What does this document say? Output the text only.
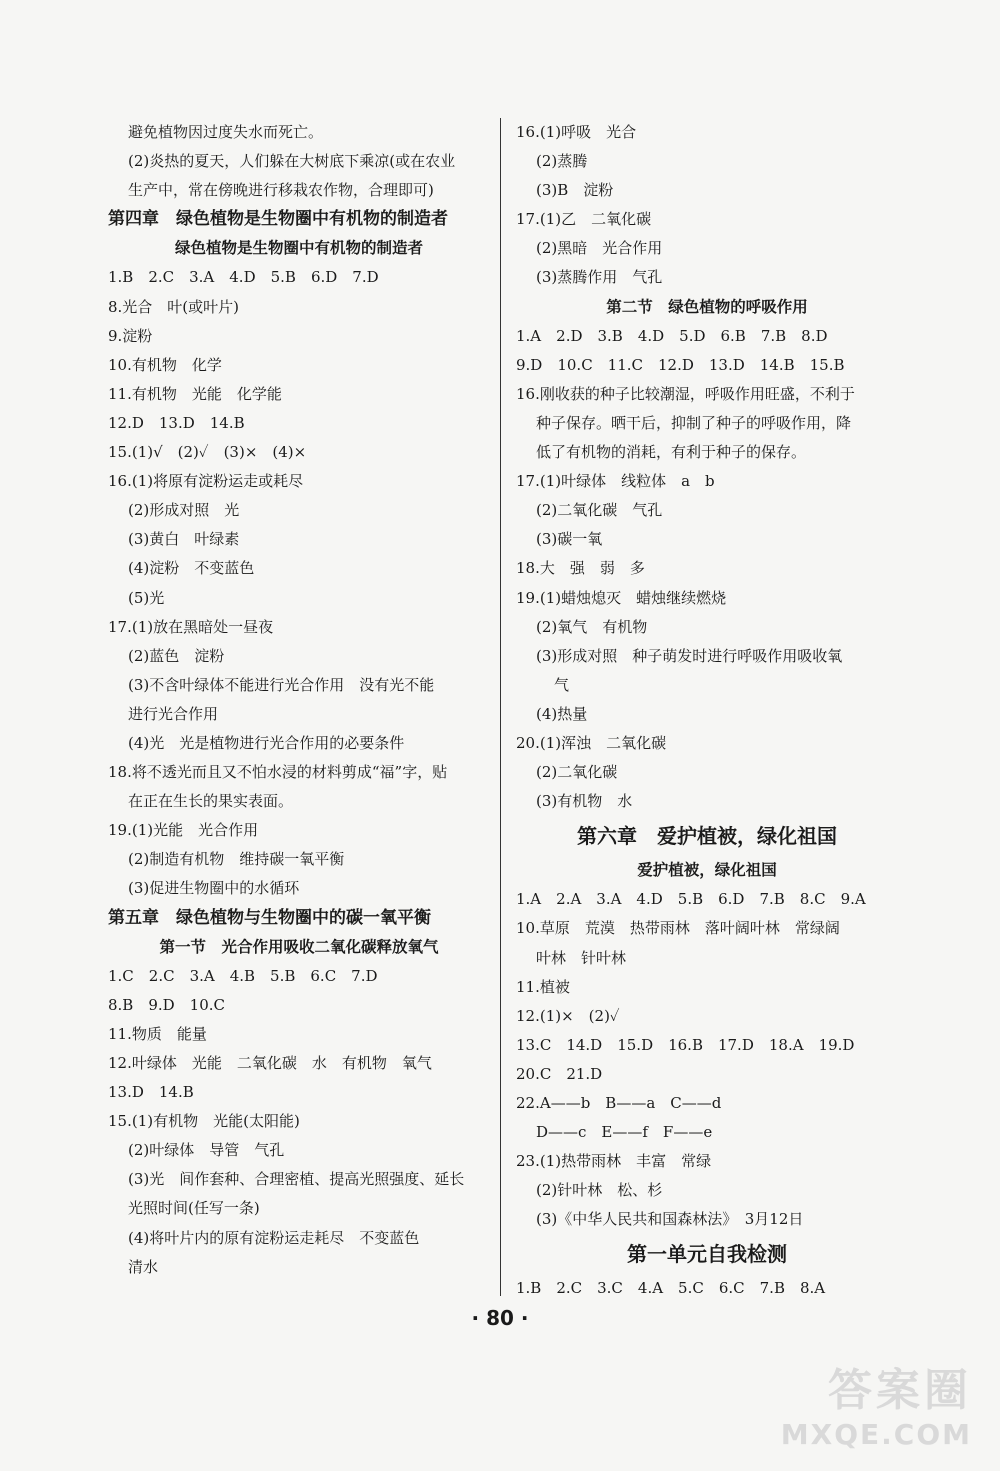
避免植物因过度失水而死亡。
(2)炎热的夏天，人们躲在大树底下乘凉(或在农业
生产中，常在傍晚进行移栽农作物，合理即可)
第四章　绿色植物是生物圈中有机物的制造者
绿色植物是生物圈中有机物的制造者
1.B　2.C　3.A　4.D　5.B　6.D　7.D
8.光合　叶(或叶片)
9.淀粉
10.有机物　化学
11.有机物　光能　化学能
12.D　13.D　14.B
15.(1)√　(2)✓　(3)×　(4)×
16.(1)将原有淀粉运走或耗尽
(2)形成对照　光
(3)黄白　叶绿素
(4)淀粉　不变蓝色
(5)光
17.(1)放在黑暗处一昼夜
(2)蓝色　淀粉
(3)不含叶绿体不能进行光合作用　没有光不能
进行光合作用
(4)光　光是植物进行光合作用的必要条件
18.将不透光而且又不怕水浸的材料剪成“福”字，贴
在正在生长的果实表面。
19.(1)光能　光合作用
(2)制造有机物　维持碳一氧平衡
(3)促进生物圈中的水循环
第五章　绿色植物与生物圈中的碳一氧平衡
第一节　光合作用吸收二氧化碳释放氧气
1.C　2.C　3.A　4.B　5.B　6.C　7.D
8.B　9.D　10.C
11.物质　能量
12.叶绿体　光能　二氧化碳　水　有机物　氧气
13.D　14.B
15.(1)有机物　光能(太阳能)
(2)叶绿体　导管　气孔
(3)光　间作套种、合理密植、提高光照强度、延长
光照时间(任写一条)
(4)将叶片内的原有淀粉运走耗尽　不变蓝色
清水
16.(1)呼吸　光合
(2)蒸腾
(3)B　淀粉
17.(1)乙　二氧化碳
(2)黑暗　光合作用
(3)蒸腾作用　气孔
第二节　绿色植物的呼吸作用
1.A　2.D　3.B　4.D　5.D　6.B　7.B　8.D
9.D　10.C　11.C　12.D　13.D　14.B　15.B
16.刚收获的种子比较潮湿，呼吸作用旺盛，不利于
种子保存。晒干后，抑制了种子的呼吸作用，降
低了有机物的消耗，有利于种子的保存。
17.(1)叶绿体　线粒体　a　b
(2)二氧化碳　气孔
(3)碳一氧
18.大　强　弱　多
19.(1)蜡烛熄灭　蜡烛继续燃烧
(2)氧气　有机物
(3)形成对照　种子萌发时进行呼吸作用吸收氧
气
(4)热量
20.(1)浑浊　二氧化碳
(2)二氧化碳
(3)有机物　水
第六章　爱护植被，绿化祖国
爱护植被，绿化祖国
1.A　2.A　3.A　4.D　5.B　6.D　7.B　8.C　9.A
10.草原　荒漠　热带雨林　落叶阔叶林　常绿阔
叶林　针叶林
11.植被
12.(1)×　(2)✓
13.C　14.D　15.D　16.B　17.D　18.A　19.D
20.C　21.D
22.A——b　B——a　C——d
D——c　E——f　F——e
23.(1)热带雨林　丰富　常绿
(2)针叶林　松、杉
(3)《中华人民共和国森林法》　3月12日
第一单元自我检测
1.B　2.C　3.C　4.A　5.C　6.C　7.B　8.A
· 80 ·
答案圈
MXQE.COM
